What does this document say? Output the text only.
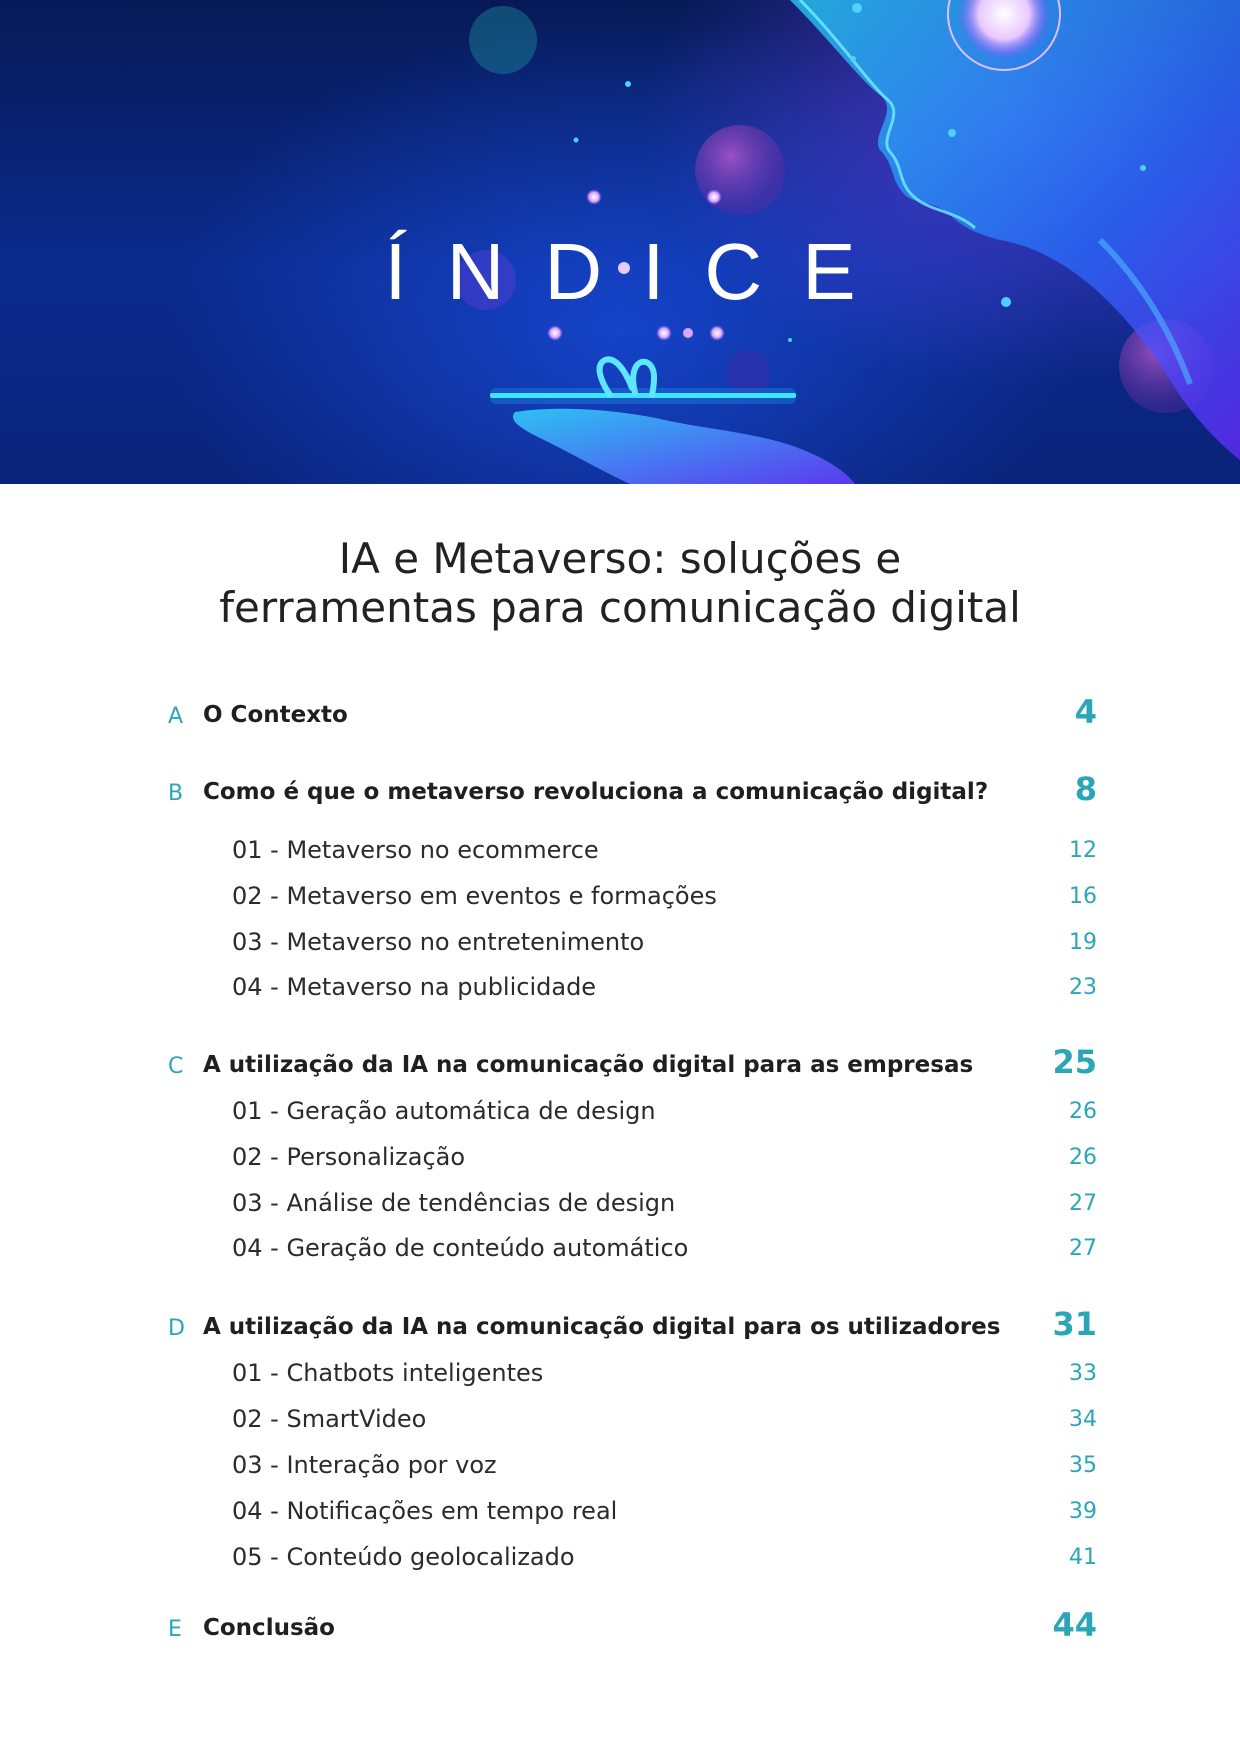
ÍNDICE
IA e Metaverso: soluções e
ferramentas para comunicação digital
A O Contexto	4
B Como é que o metaverso revoluciona a comunicação digital?	8
01 - Metaverso no ecommerce	12
02 - Metaverso em eventos e formações	16
03 - Metaverso no entretenimento	19
04 - Metaverso na publicidade	23
C A utilização da IA na comunicação digital para as empresas 25
01 - Geração automática de design	26
02 - Personalização	26
03 - Análise de tendências de design	27
04 - Geração de conteúdo automático	27
D A utilização da IA na comunicação digital para os utilizadores 31
01 - Chatbots inteligentes	33
02 - SmartVideo	34
03 - Interação por voz	35
04 - Notificações em tempo real	39
05 - Conteúdo geolocalizado	41
E Conclusão	44
